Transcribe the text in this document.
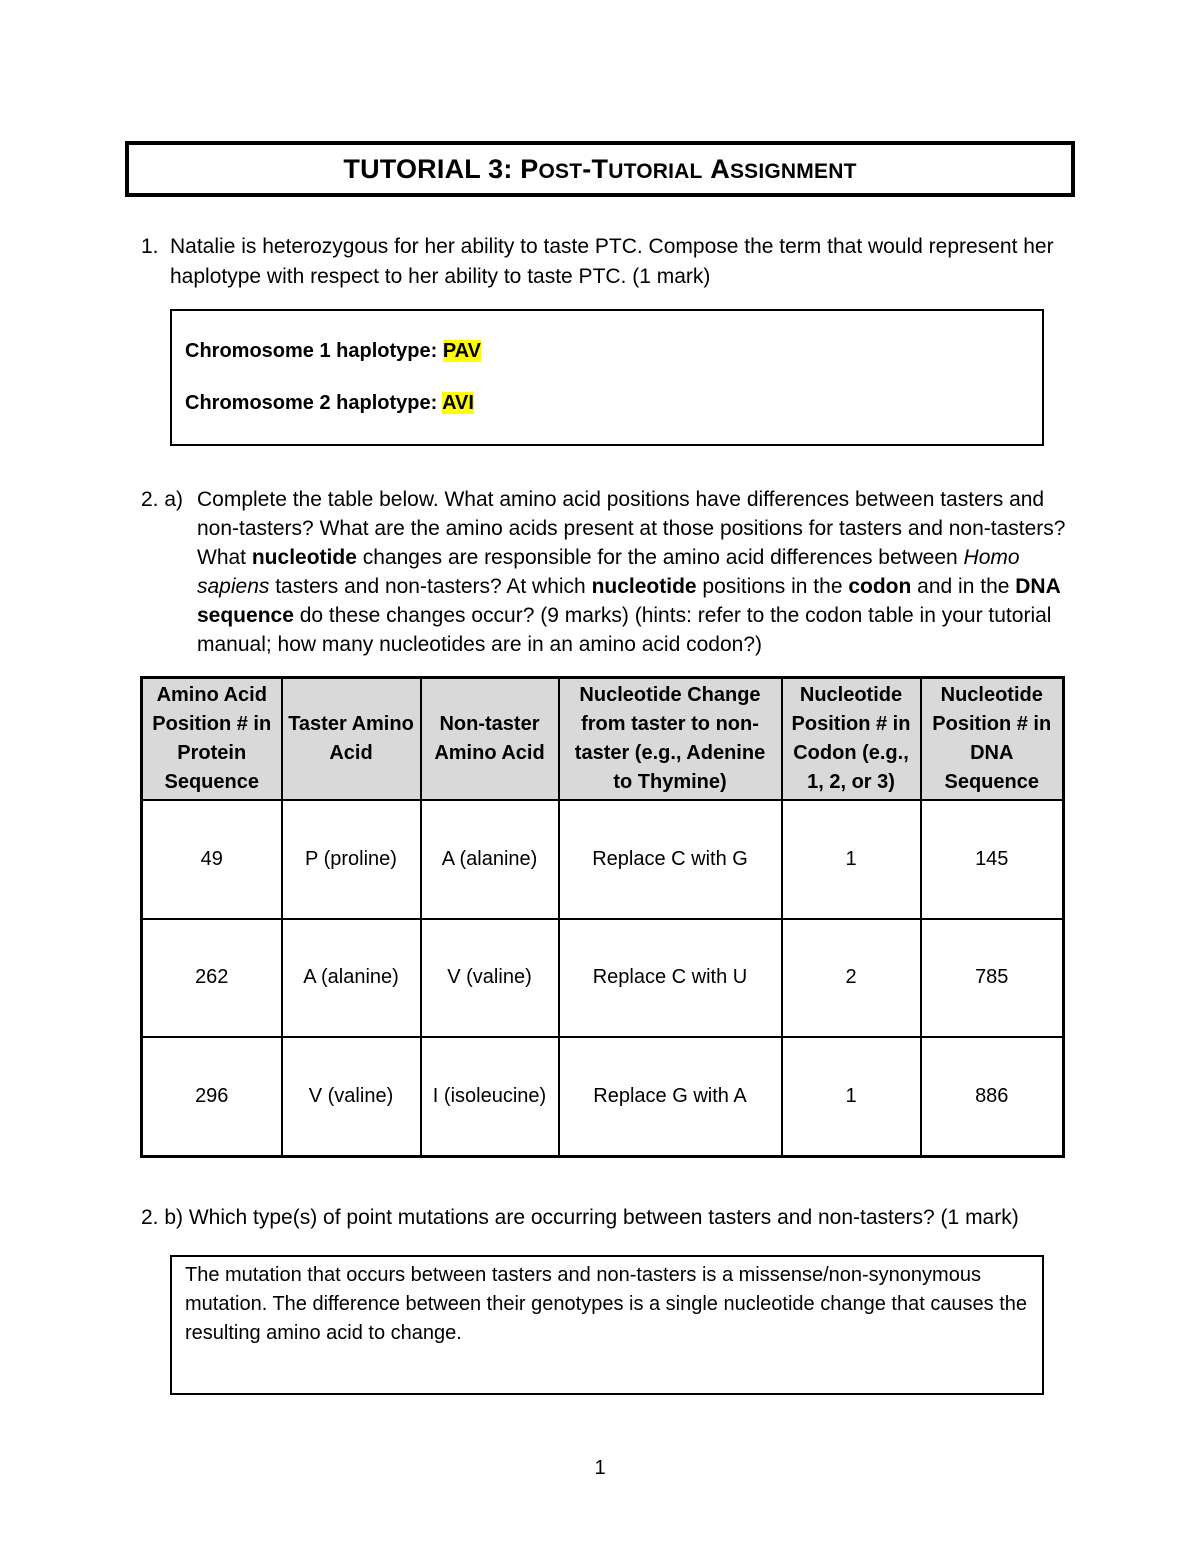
TUTORIAL 3:
POST - TUTORIAL
ASSIGNMENT
1. Natalie is heterozygous for her ability to taste PTC. Compose the term that would represent her haplotype with respect to her ability to taste PTC. (1 mark)
Chromosome 1 haplotype: PAV
Chromosome 2 haplotype: AVI
2. a) Complete the table below. What amino acid positions have differences between tasters and non-tasters? What are the amino acids present at those positions for tasters and non-tasters? What nucleotide changes are responsible for the amino acid differences between Homo sapiens tasters and non-tasters? At which nucleotide positions in the codon and in the DNA sequence do these changes occur? (9 marks) (hints: refer to the codon table in your tutorial manual; how many nucleotides are in an amino acid codon?)
Amino Acid Position # in Protein Sequence	Taster Amino Acid	Non-taster Amino Acid	Nucleotide Change from taster to non-taster (e.g., Adenine to Thymine)	Nucleotide Position # in Codon (e.g., 1, 2, or 3)	Nucleotide Position # in DNA Sequence
49	P (proline)	A (alanine)	Replace C with G	1	145
262	A (alanine)	V (valine)	Replace C with U	2	785
296	V (valine)	I (isoleucine)	Replace G with A	1	886
2. b) Which type(s) of point mutations are occurring between tasters and non-tasters? (1 mark)

The mutation that occurs between tasters and non-tasters is a missense/non-synonymous mutation. The difference between their genotypes is a single nucleotide change that causes the resulting amino acid to change.

1
